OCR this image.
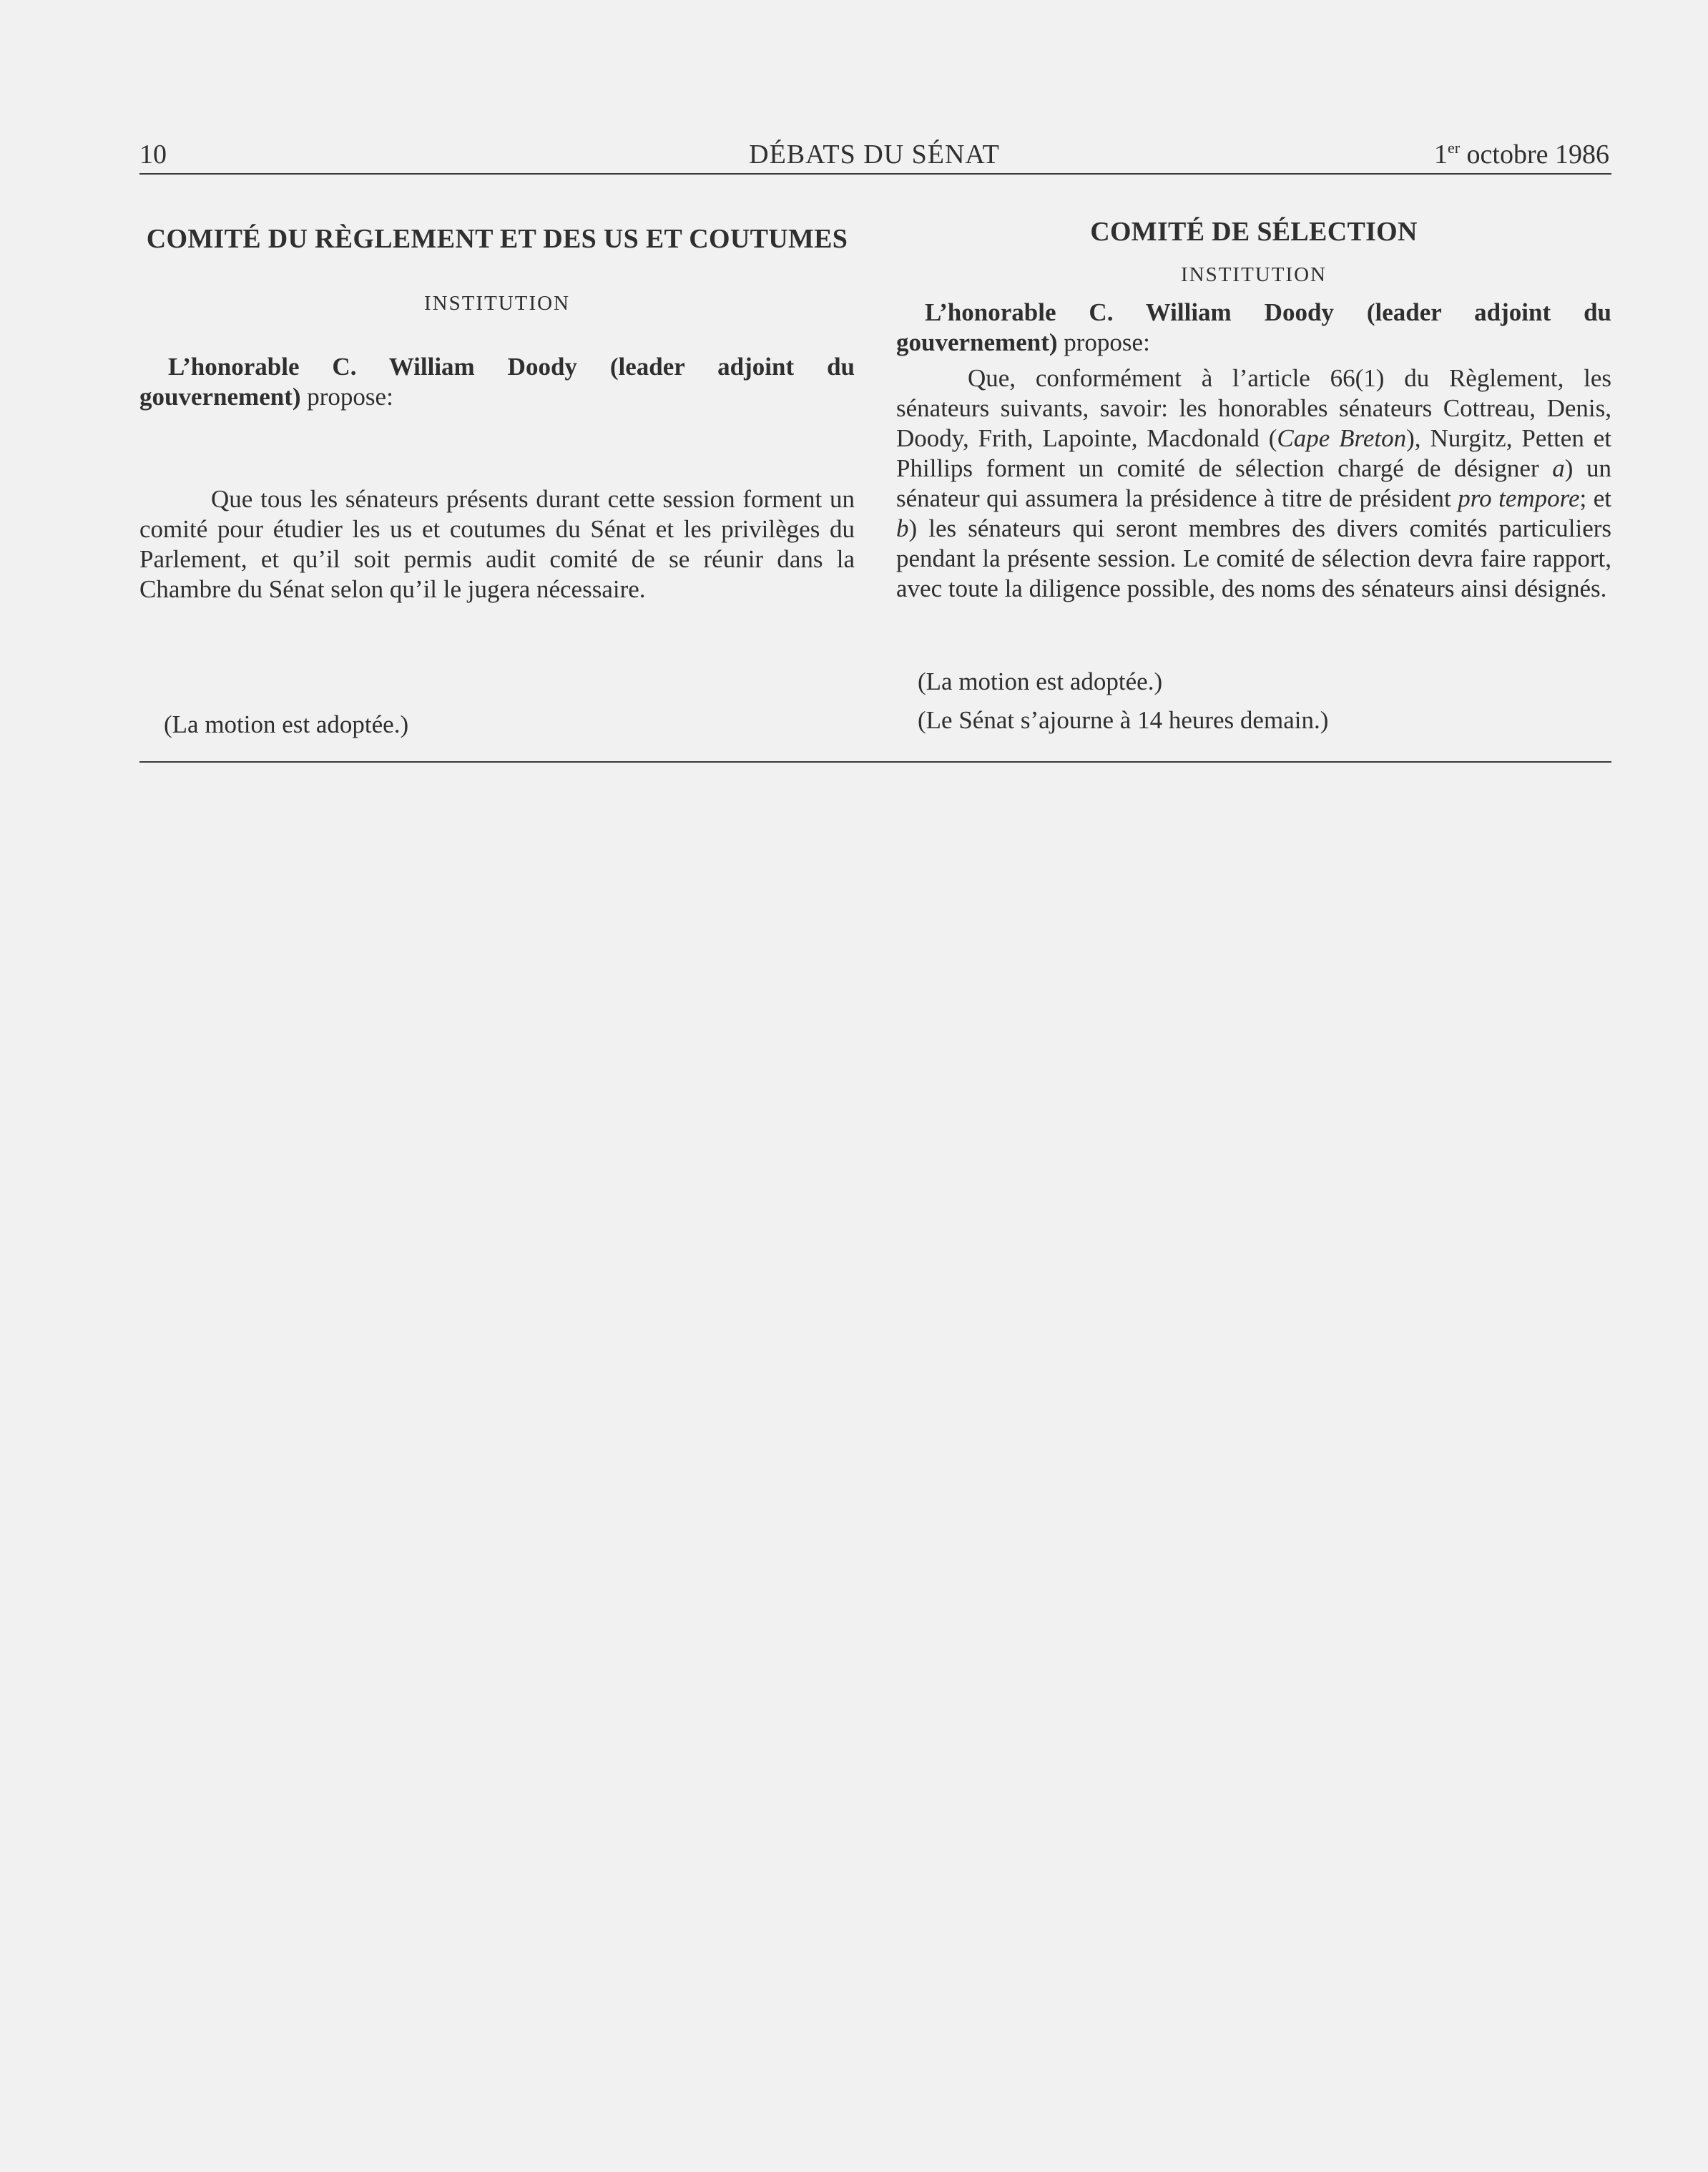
10	DÉBATS DU SÉNAT	1er octobre 1986
COMITÉ DU RÈGLEMENT ET DES US ET COUTUMES
INSTITUTION

L’honorable C. William Doody (leader adjoint du gouvernement) propose:

Que tous les sénateurs présents durant cette session forment un comité pour étudier les us et coutumes du Sénat et les privilèges du Parlement, et qu’il soit permis audit comité de se réunir dans la Chambre du Sénat selon qu’il le jugera nécessaire.

(La motion est adoptée.)

COMITÉ DE SÉLECTION
INSTITUTION

L’honorable C. William Doody (leader adjoint du gouvernement) propose:

Que, conformément à l’article 66(1) du Règlement, les sénateurs suivants, savoir: les honorables sénateurs Cottreau, Denis, Doody, Frith, Lapointe, Macdonald (Cape Breton), Nurgitz, Petten et Phillips forment un comité de sélection chargé de désigner a) un sénateur qui assumera la présidence à titre de président pro tempore; et b) les sénateurs qui seront membres des divers comités particuliers pendant la présente session. Le comité de sélection devra faire rapport, avec toute la diligence possible, des noms des sénateurs ainsi désignés.

(La motion est adoptée.)

(Le Sénat s’ajourne à 14 heures demain.)
